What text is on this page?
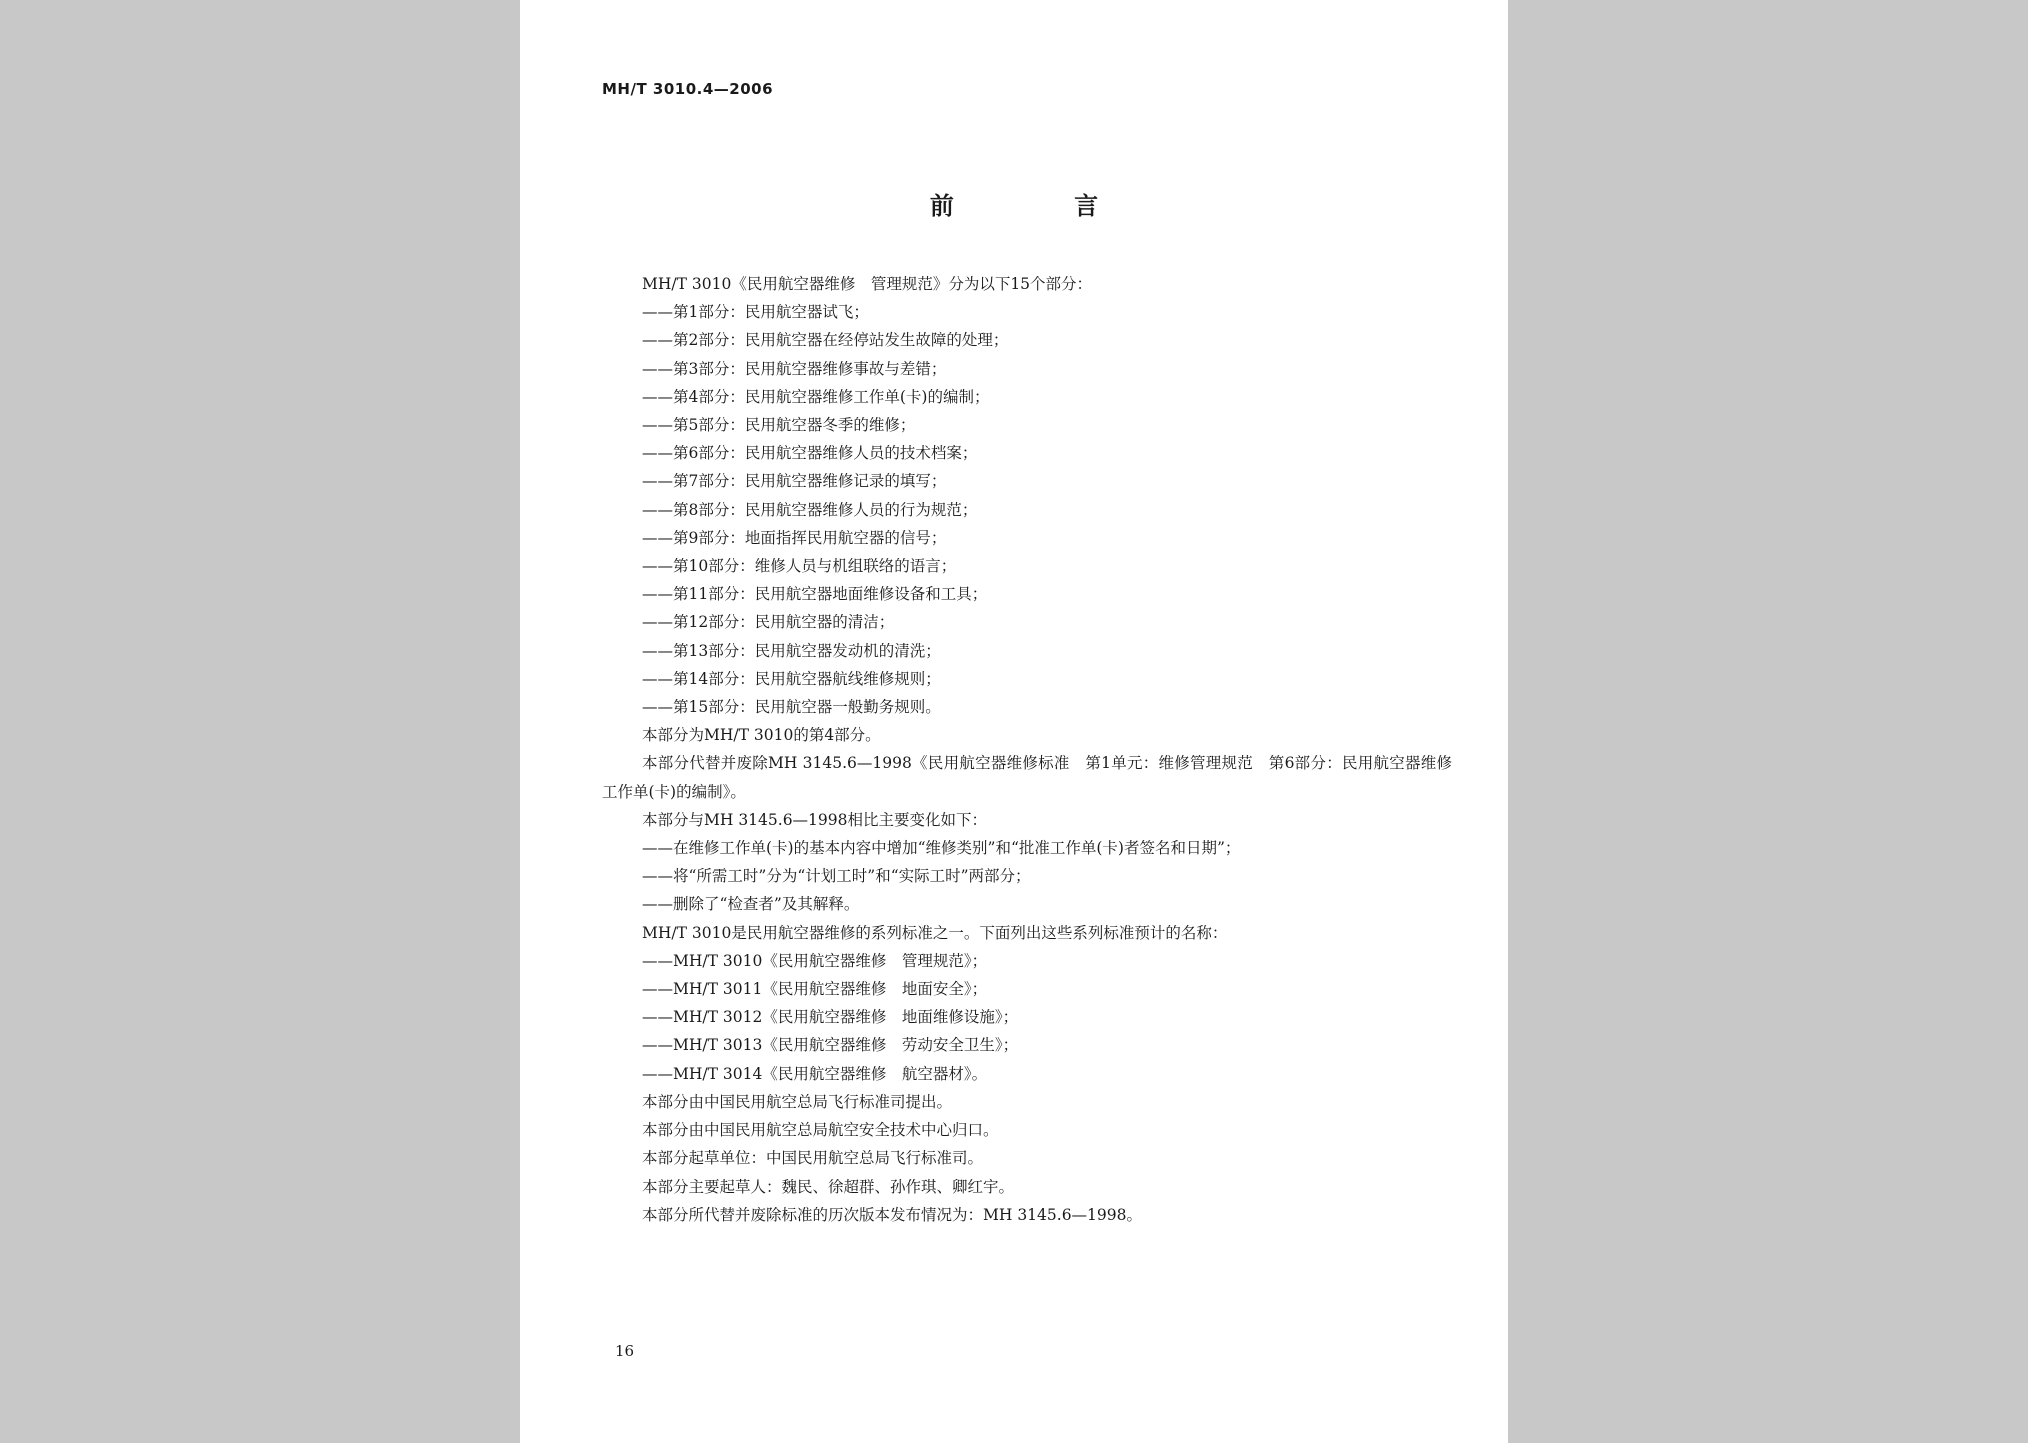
MH/T 3010.4—2006
前 言
MH/T 3010《民用航空器维修　管理规范》分为以下15个部分：
——第1部分：民用航空器试飞；
——第2部分：民用航空器在经停站发生故障的处理；
——第3部分：民用航空器维修事故与差错；
——第4部分：民用航空器维修工作单(卡)的编制；
——第5部分：民用航空器冬季的维修；
——第6部分：民用航空器维修人员的技术档案；
——第7部分：民用航空器维修记录的填写；
——第8部分：民用航空器维修人员的行为规范；
——第9部分：地面指挥民用航空器的信号；
——第10部分：维修人员与机组联络的语言；
——第11部分：民用航空器地面维修设备和工具；
——第12部分：民用航空器的清洁；
——第13部分：民用航空器发动机的清洗；
——第14部分：民用航空器航线维修规则；
——第15部分：民用航空器一般勤务规则。
本部分为MH/T 3010的第4部分。
本部分代替并废除MH 3145.6—1998《民用航空器维修标准　第1单元：维修管理规范　第6部分：民用航空器维修工作单(卡)的编制》。
本部分与MH 3145.6—1998相比主要变化如下：
——在维修工作单(卡)的基本内容中增加“维修类别”和“批准工作单(卡)者签名和日期”；
——将“所需工时”分为“计划工时”和“实际工时”两部分；
——删除了“检查者”及其解释。
MH/T 3010是民用航空器维修的系列标准之一。下面列出这些系列标准预计的名称：
——MH/T 3010《民用航空器维修　管理规范》；
——MH/T 3011《民用航空器维修　地面安全》；
——MH/T 3012《民用航空器维修　地面维修设施》；
——MH/T 3013《民用航空器维修　劳动安全卫生》；
——MH/T 3014《民用航空器维修　航空器材》。
本部分由中国民用航空总局飞行标准司提出。
本部分由中国民用航空总局航空安全技术中心归口。
本部分起草单位：中国民用航空总局飞行标准司。
本部分主要起草人：魏民、徐超群、孙作琪、卿红宇。
本部分所代替并废除标准的历次版本发布情况为：MH 3145.6—1998。
16
